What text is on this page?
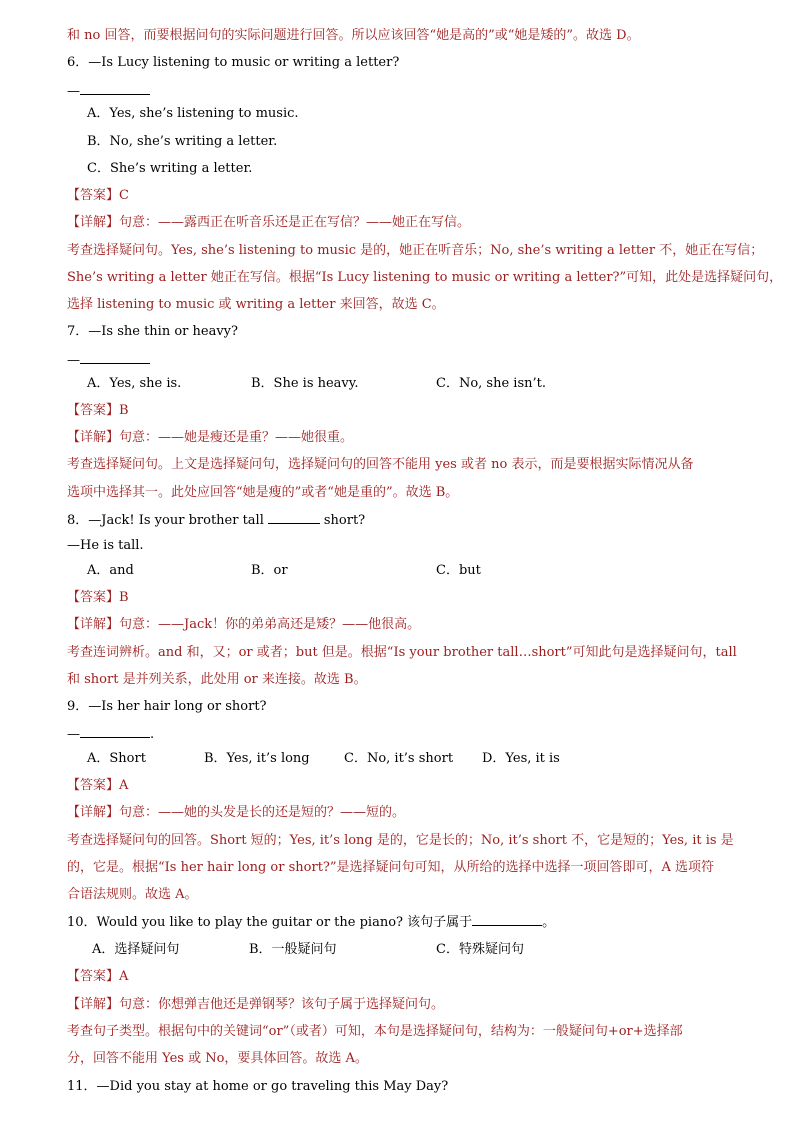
和 no 回答，而要根据问句的实际问题进行回答。所以应该回答“她是高的”或“她是矮的”。故选 D。
6．—Is Lucy listening to music or writing a letter?
—
A．Yes, she’s listening to music.
B．No, she’s writing a letter.
C．She’s writing a letter.
【答案】C
【详解】句意：——露西正在听音乐还是正在写信？——她正在写信。
考查选择疑问句。Yes, she’s listening to music 是的，她正在听音乐；No, she’s writing a letter 不，她正在写信；
She’s writing a letter 她正在写信。根据“Is Lucy listening to music or writing a letter?”可知，此处是选择疑问句，
选择 listening to music 或 writing a letter 来回答，故选 C。
7．—Is she thin or heavy?
—
A．Yes, she is.	B．She is heavy.	C．No, she isn’t.
【答案】B
【详解】句意：——她是瘦还是重？——她很重。
考查选择疑问句。上文是选择疑问句，选择疑问句的回答不能用 yes 或者 no 表示，而是要根据实际情况从备
选项中选择其一。此处应回答“她是瘦的”或者“她是重的”。故选 B。
8．—Jack! Is your brother tall	short?
—He is tall.
A．and	B．or	C．but
【答案】B
【详解】句意：——Jack！你的弟弟高还是矮？——他很高。
考查连词辨析。and 和，又；or 或者；but 但是。根据“Is your brother tall…short”可知此句是选择疑问句，tall
和 short 是并列关系，此处用 or 来连接。故选 B。
9．—Is her hair long or short?
—	.
A．Short	B．Yes, it’s long	C．No, it’s short D．Yes, it is
【答案】A
【详解】句意：——她的头发是长的还是短的？——短的。
考查选择疑问句的回答。Short 短的；Yes, it’s long 是的，它是长的；No, it’s short 不，它是短的；Yes, it is 是
的，它是。根据“Is her hair long or short?”是选择疑问句可知，从所给的选择中选择一项回答即可，A 选项符
合语法规则。故选 A。
10．Would you like to play the guitar or the piano? 该句子属于	。
A．选择疑问句	B．一般疑问句	C．特殊疑问句
【答案】A
【详解】句意：你想弹吉他还是弹钢琴？该句子属于选择疑问句。
考查句子类型。根据句中的关键词“or”（或者）可知，本句是选择疑问句，结构为：一般疑问句+or+选择部
分，回答不能用 Yes 或 No，要具体回答。故选 A。
11．—Did you stay at home or go traveling this May Day?
